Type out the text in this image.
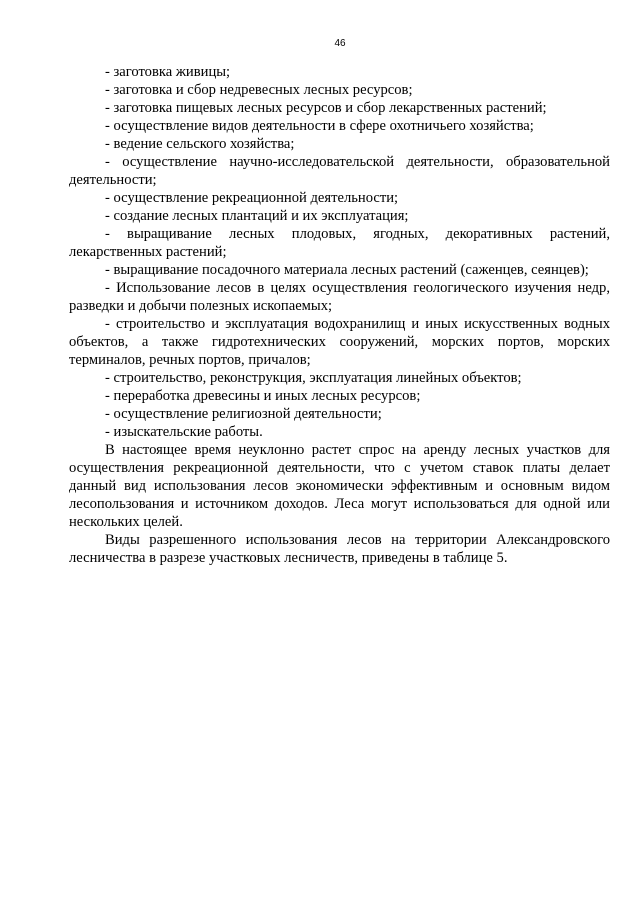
46

- заготовка живицы;

- заготовка и сбор недревесных лесных ресурсов;

- заготовка пищевых лесных ресурсов и сбор лекарственных растений;

- осуществление видов деятельности в сфере охотничьего хозяйства;

- ведение сельского хозяйства;

- осуществление научно-исследовательской деятельности, образовательной деятельности;

- осуществление рекреационной деятельности;

- создание лесных плантаций и их эксплуатация;

- выращивание лесных плодовых, ягодных, декоративных растений, лекарственных растений;

- выращивание посадочного материала лесных растений (саженцев, сеянцев);

- Использование лесов в целях осуществления геологического изучения недр, разведки и добычи полезных ископаемых;

- строительство и эксплуатация водохранилищ и иных искусственных водных объектов, а также гидротехнических сооружений, морских портов, морских терминалов, речных портов, причалов;

- строительство, реконструкция, эксплуатация линейных объектов;

- переработка древесины и иных лесных ресурсов;

- осуществление религиозной деятельности;

- изыскательские работы.

В настоящее время неуклонно растет спрос на аренду лесных участков для осуществления рекреационной деятельности, что с учетом ставок платы делает данный вид использования лесов экономически эффективным и основным видом лесопользования и источником доходов. Леса могут использоваться для одной или нескольких целей.

Виды разрешенного использования лесов на территории Александровского лесничества в разрезе участковых лесничеств, приведены в таблице 5.
